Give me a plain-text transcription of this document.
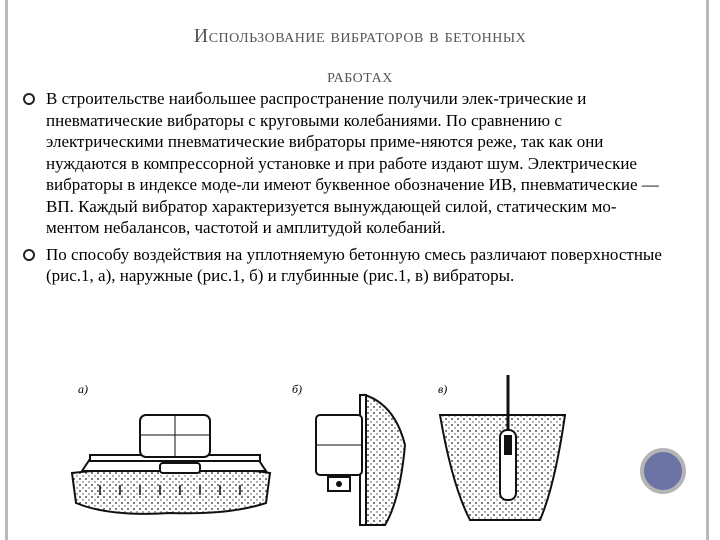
Использование вибраторов в бетонных
работах
В строительстве наибольшее распространение получили элек-трические и пневматические вибраторы с круговыми колебаниями. По сравнению с электрическими пневматические вибраторы приме-няются реже, так как они нуждаются в компрессорной установке и при работе издают шум. Электрические вибраторы в индексе моде-ли имеют буквенное обозначение ИВ, пневматические — ВП. Каждый вибратор характеризуется вынуждающей силой, статическим мо-ментом небалансов, частотой и амплитудой колебаний.
По способу воздействия на уплотняемую бетонную смесь различают поверхностные (рис.1, а), наружные (рис.1, б) и глубинные (рис.1, в) вибраторы.
а)	б)	в)
